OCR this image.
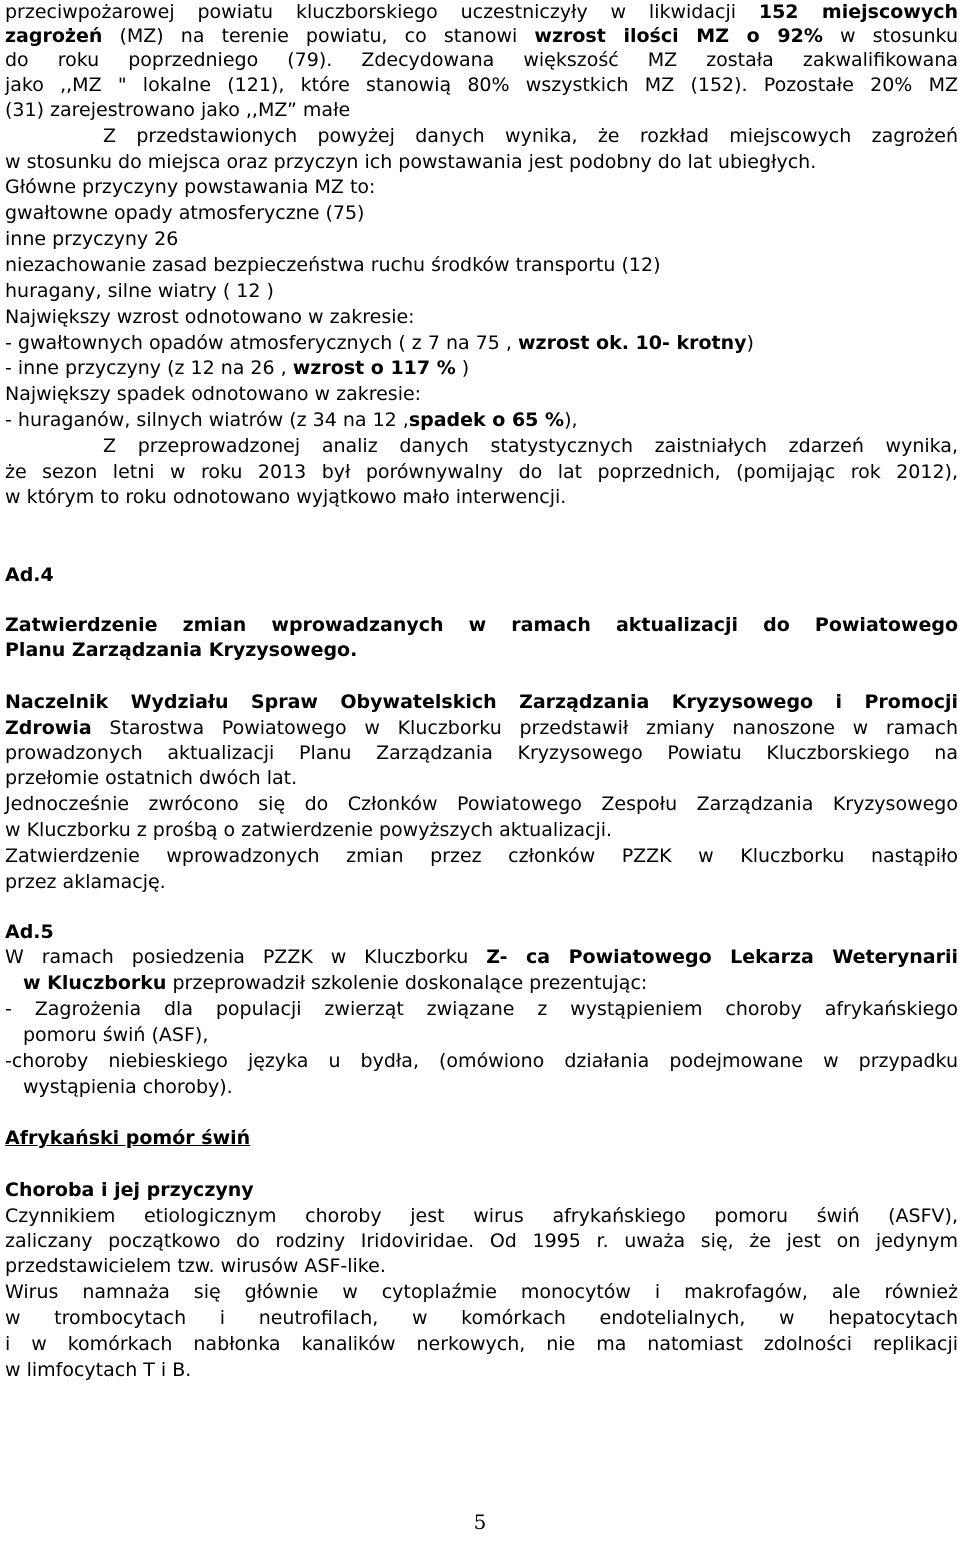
przeciwpożarowej powiatu kluczborskiego uczestniczyły w likwidacji 152 miejscowych
zagrożeń (MZ) na terenie powiatu, co stanowi wzrost ilości MZ o 92% w stosunku
do roku poprzedniego (79). Zdecydowana większość MZ została zakwalifikowana
jako ,,MZ " lokalne (121), które stanowią 80% wszystkich MZ (152). Pozostałe 20% MZ
(31) zarejestrowano jako ,,MZ” małe
Z przedstawionych powyżej danych wynika, że rozkład miejscowych zagrożeń
w stosunku do miejsca oraz przyczyn ich powstawania jest podobny do lat ubiegłych.
Główne przyczyny powstawania MZ to:
gwałtowne opady atmosferyczne (75)
inne przyczyny 26
niezachowanie zasad bezpieczeństwa ruchu środków transportu (12)
huragany, silne wiatry ( 12 )
Największy wzrost odnotowano w zakresie:
- gwałtownych opadów atmosferycznych ( z 7 na 75 , wzrost ok. 10- krotny)
- inne przyczyny (z 12 na 26 , wzrost o 117 % )
Największy spadek odnotowano w zakresie:
- huraganów, silnych wiatrów (z 34 na 12 ,spadek o 65 %),
Z przeprowadzonej analiz danych statystycznych zaistniałych zdarzeń wynika,
że sezon letni w roku 2013 był porównywalny do lat poprzednich, (pomijając rok 2012),
w którym to roku odnotowano wyjątkowo mało interwencji.
Ad.4
Zatwierdzenie zmian wprowadzanych w ramach aktualizacji do Powiatowego
Planu Zarządzania Kryzysowego.
Naczelnik Wydziału Spraw Obywatelskich Zarządzania Kryzysowego i Promocji
Zdrowia Starostwa Powiatowego w Kluczborku przedstawił zmiany nanoszone w ramach
prowadzonych aktualizacji Planu Zarządzania Kryzysowego Powiatu Kluczborskiego na
przełomie ostatnich dwóch lat.
Jednocześnie zwrócono się do Członków Powiatowego Zespołu Zarządzania Kryzysowego
w Kluczborku z prośbą o zatwierdzenie powyższych aktualizacji.
Zatwierdzenie wprowadzonych zmian przez członków PZZK w Kluczborku nastąpiło
przez aklamację.
Ad.5
W ramach posiedzenia PZZK w Kluczborku Z- ca Powiatowego Lekarza Weterynarii
w Kluczborku przeprowadził szkolenie doskonalące prezentując:
- Zagrożenia dla populacji zwierząt związane z wystąpieniem choroby afrykańskiego
pomoru świń (ASF),
-choroby niebieskiego języka u bydła, (omówiono działania podejmowane w przypadku
wystąpienia choroby).
Afrykański pomór świń
Choroba i jej przyczyny
Czynnikiem etiologicznym choroby jest wirus afrykańskiego pomoru świń (ASFV),
zaliczany początkowo do rodziny Iridoviridae. Od 1995 r. uważa się, że jest on jedynym
przedstawicielem tzw. wirusów ASF-like.
Wirus namnaża się głównie w cytoplaźmie monocytów i makrofagów, ale również
w trombocytach i neutrofilach, w komórkach endotelialnych, w hepatocytach
i w komórkach nabłonka kanalików nerkowych, nie ma natomiast zdolności replikacji
w limfocytach T i B.
5
